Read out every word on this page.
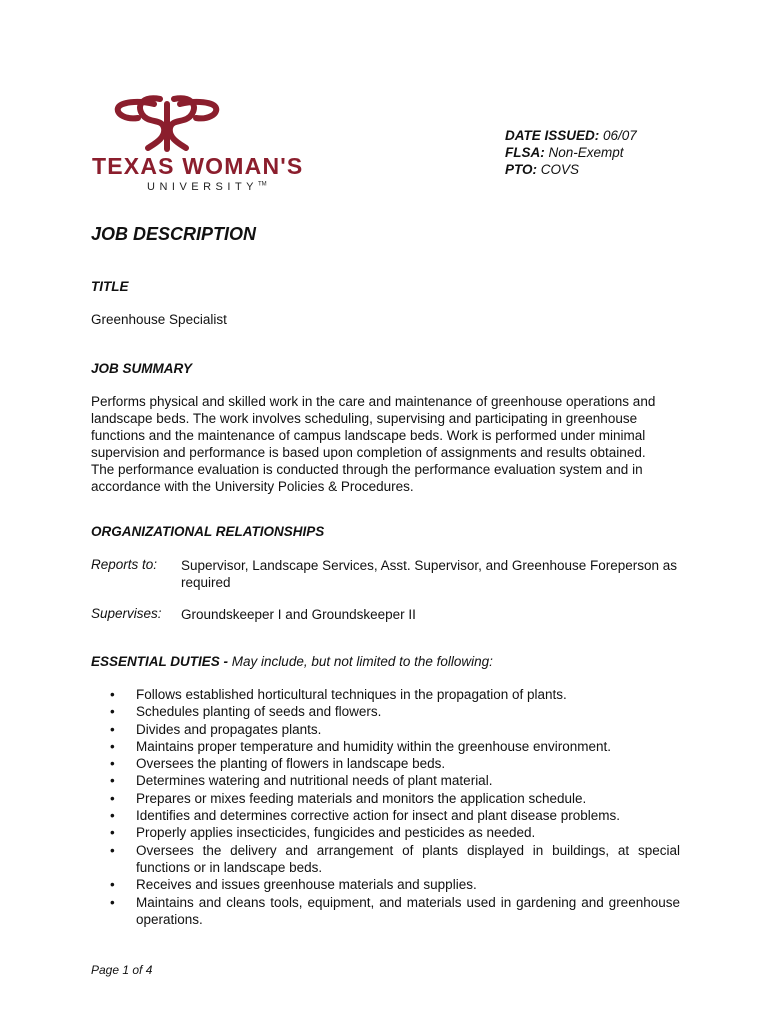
TEXAS WOMAN'S
UNIVERSITY™
DATE ISSUED: 06/07
FLSA: Non-Exempt
PTO: COVS
JOB DESCRIPTION
TITLE
Greenhouse Specialist
JOB SUMMARY
Performs physical and skilled work in the care and maintenance of greenhouse operations and
landscape beds. The work involves scheduling, supervising and participating in greenhouse
functions and the maintenance of campus landscape beds. Work is performed under minimal
supervision and performance is based upon completion of assignments and results obtained.
The performance evaluation is conducted through the performance evaluation system and in
accordance with the University Policies & Procedures.
ORGANIZATIONAL RELATIONSHIPS
Reports to: Supervisor, Landscape Services, Asst. Supervisor, and Greenhouse Foreperson as required
Supervises: Groundskeeper I and Groundskeeper II
ESSENTIAL DUTIES - May include, but not limited to the following:
• Follows established horticultural techniques in the propagation of plants.
• Schedules planting of seeds and flowers.
• Divides and propagates plants.
• Maintains proper temperature and humidity within the greenhouse environment.
• Oversees the planting of flowers in landscape beds.
• Determines watering and nutritional needs of plant material.
• Prepares or mixes feeding materials and monitors the application schedule.
• Identifies and determines corrective action for insect and plant disease problems.
• Properly applies insecticides, fungicides and pesticides as needed.
• Oversees the delivery and arrangement of plants displayed in buildings, at special functions or in landscape beds.
• Receives and issues greenhouse materials and supplies.
• Maintains and cleans tools, equipment, and materials used in gardening and greenhouse operations.
Page 1 of 4
